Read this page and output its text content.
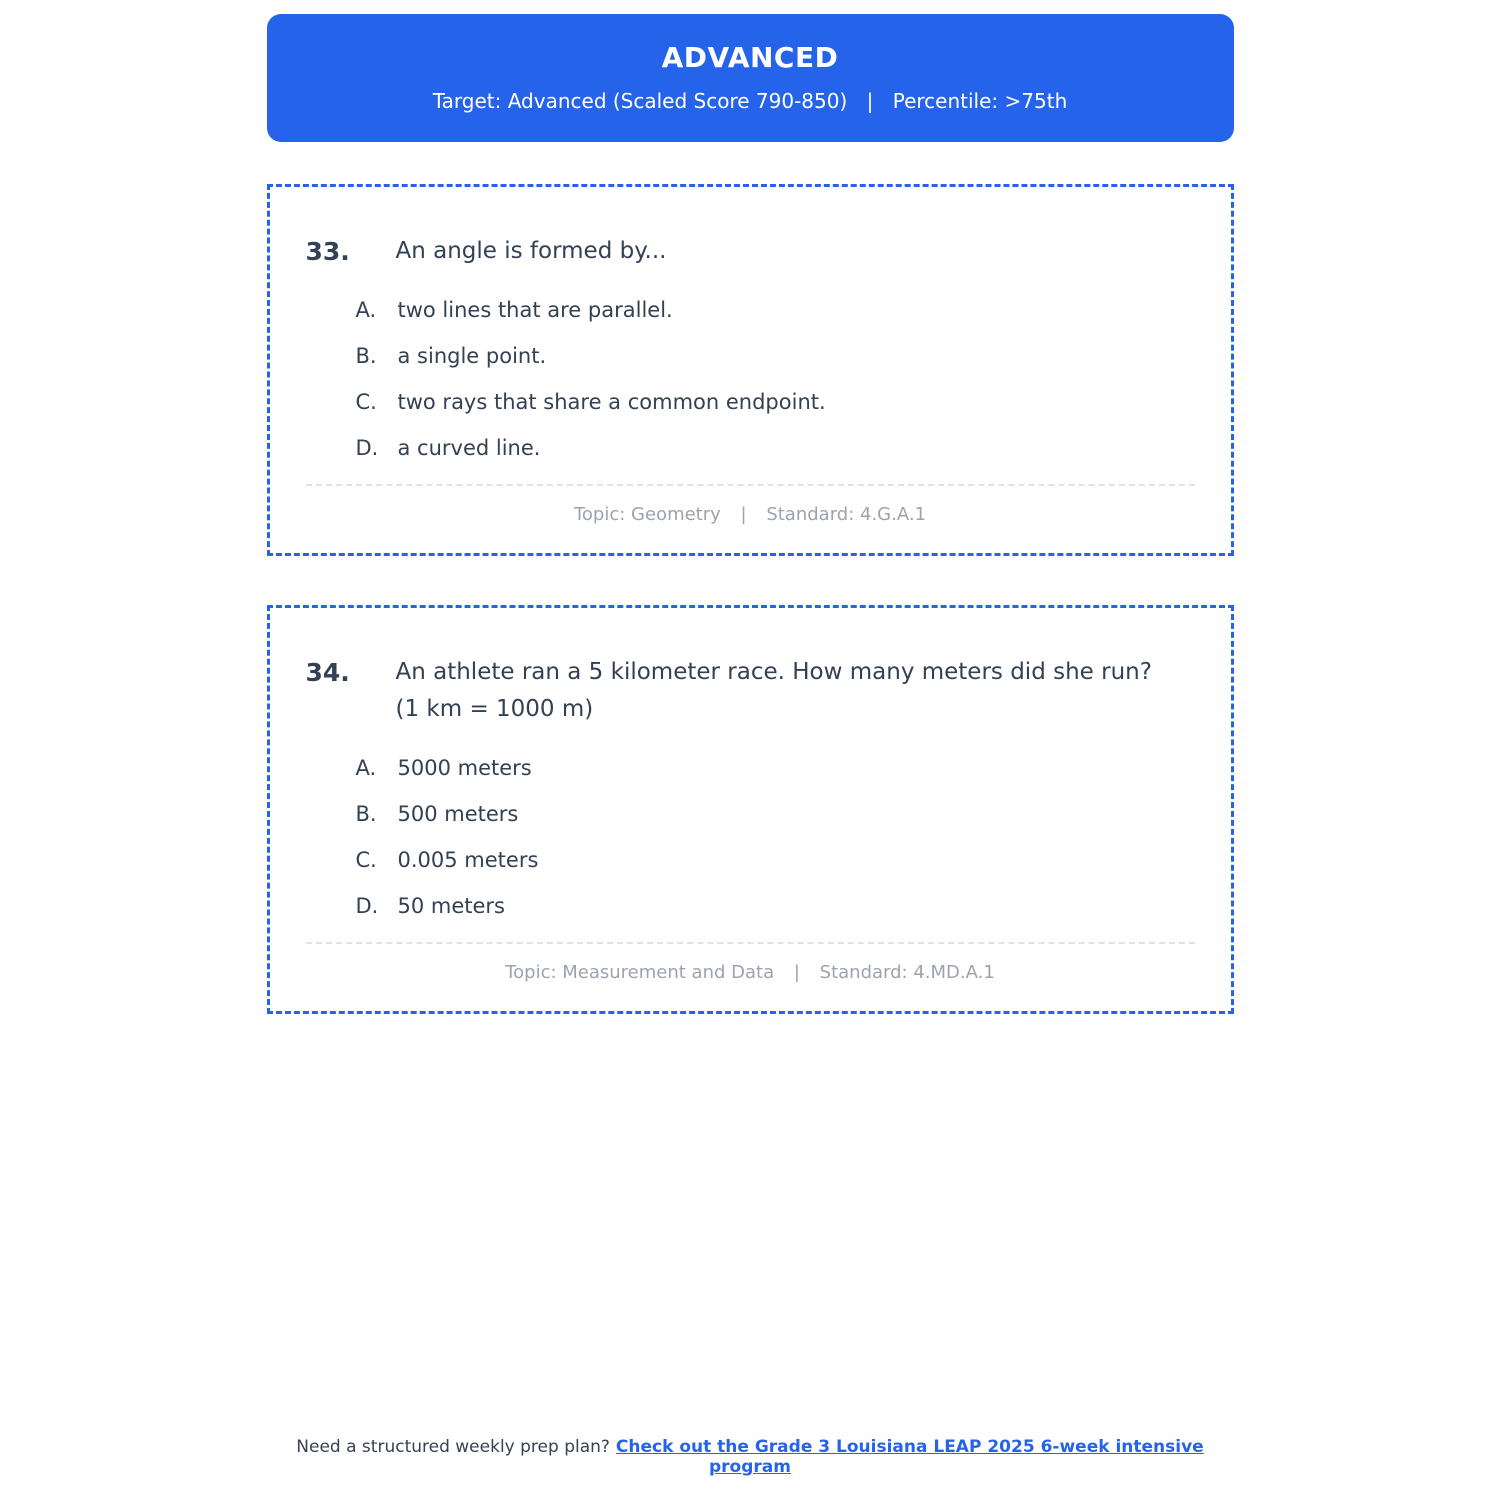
ADVANCED
Target: Advanced (Scaled Score 790-850) | Percentile: >75th
33.	An angle is formed by...
A.	two lines that are parallel.
B. a single point.
C. two rays that share a common endpoint.
D. a curved line.
Topic: Geometry | Standard: 4.G.A.1
34.	An athlete ran a 5 kilometer race. How many meters did she run?
(1 km = 1000 m)
A.	5000 meters
B. 500 meters
C. 0.005 meters
D. 50 meters
Topic: Measurement and Data | Standard: 4.MD.A.1
Need a structured weekly prep plan? Check out the Grade 3 Louisiana LEAP 2025 6-week intensive program
